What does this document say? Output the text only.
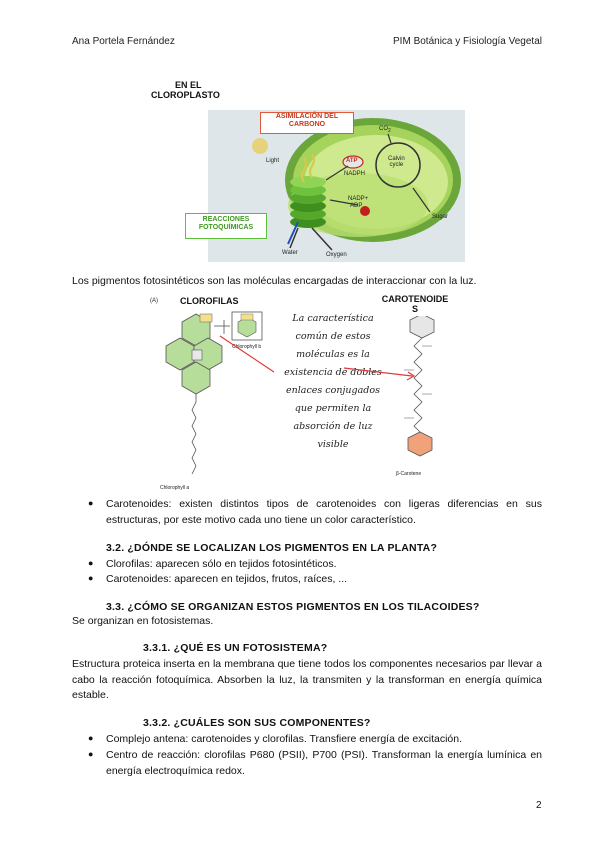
Ana Portela Fernández	PIM Botánica y Fisiología Vegetal
EN EL
CLOROPLASTO
ASIMILACIÓN DEL
CARBONO
Light	ATP
NADPH
$CO_2$
Calvin
cycle
NADP+
ADP
Sugar
Water	Oxygen
REACCIONES
FOTOQUÍMICAS
Los pigmentos fotosintéticos son las moléculas encargadas de interaccionar con la luz.
(A) CLOROFILAS	CAROTENOIDE
S
Chlorophyll b
Chlorophyll a
La característica
común de estos
moléculas es la
existencia de dobles
enlaces conjugados
que permiten la
absorción de luz
visible
β-Carotene
● Carotenoides: existen distintos tipos de carotenoides con ligeras diferencias en sus estructuras, por este motivo cada uno tiene un color característico.
3.2. ¿DÓNDE SE LOCALIZAN LOS PIGMENTOS EN LA PLANTA?
● Clorofilas: aparecen sólo en tejidos fotosintéticos.
● Carotenoides: aparecen en tejidos, frutos, raíces, ...
3.3. ¿CÓMO SE ORGANIZAN ESTOS PIGMENTOS EN LOS TILACOIDES?
Se organizan en fotosistemas.
3.3.1. ¿QUÉ ES UN FOTOSISTEMA?
Estructura proteica inserta en la membrana que tiene todos los componentes necesarios par llevar a cabo la reacción fotoquímica. Absorben la luz, la transmiten y la transforman en energía química estable.
3.3.2. ¿CUÁLES SON SUS COMPONENTES?
● Complejo antena: carotenoides y clorofilas. Transfiere energía de excitación.
● Centro de reacción: clorofilas P680 (PSII), P700 (PSI). Transforman la energía lumínica en energía electroquímica redox.
2
